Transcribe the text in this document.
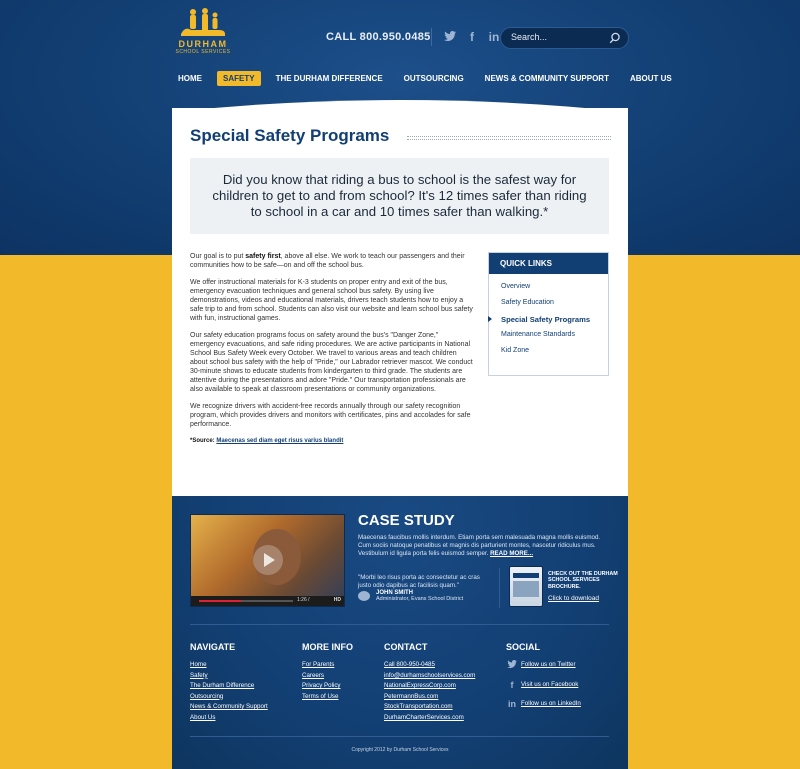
DURHAM
SCHOOL SERVICES
CALL 800.950.0485	f	in
Search...
HOME	SAFETY	THE DURHAM DIFFERENCE	OUTSOURCING	NEWS & COMMUNITY SUPPORT	ABOUT US
Special Safety Programs
Did you know that riding a bus to school is the safest way for children to get to and from school? It's 12 times safer than riding to school in a car and 10 times safer than walking.*

Our goal is to put safety first, above all else. We work to teach our passengers and their communities how to be safe—on and off the school bus.

We offer instructional materials for K-3 students on proper entry and exit of the bus, emergency evacuation techniques and general school bus safety. By using live demonstrations, videos and educational materials, drivers teach students how to enjoy a safe trip to and from school. Students can also visit our website and learn school bus safety with fun, instructional games.

Our safety education programs focus on safety around the bus's "Danger Zone," emergency evacuations, and safe riding procedures. We are active participants in National School Bus Safety Week every October. We travel to various areas and teach children about school bus safety with the help of "Pride," our Labrador retriever mascot. We conduct 30-minute shows to educate students from kindergarten to third grade. The students are attentive during the presentations and adore "Pride." Our transportation professionals are also available to speak at classroom presentations or community organizations.

We recognize drivers with accident-free records annually through our safety recognition program, which provides drivers and monitors with certificates, pins and accolades for safe performance.

*Source: Maecenas sed diam eget risus varius blandit
QUICK LINKS
Overview
Safety Education
Special Safety Programs
Maintenance Standards
Kid Zone
1:26 /	HD
CASE STUDY
Maecenas faucibus mollis interdum. Etiam porta sem malesuada magna mollis euismod. Cum sociis natoque penatibus et magnis dis parturient montes, nascetur ridiculus mus. Vestibulum id ligula porta felis euismod semper. READ MORE...
"Morbi leo risus porta ac consectetur ac cras justo odio dapibus ac facilisis quam."
JOHN SMITH
Administrator, Evans School District
CHECK OUT THE DURHAM SCHOOL SERVICES BROCHURE.
Click to download
NAVIGATE
Home
Safety
The Durham Difference
Outsourcing
News & Community Support
About Us
MORE INFO
For Parents
Careers
Privacy Policy
Terms of Use
CONTACT
Call 800-950-0485
info@durhamschoolservices.com
NationalExpressCorp.com
PetermannBus.com
StockTransportation.com
DurhamCharterServices.com
SOCIAL
Follow us on Twitter
f	Visit us on Facebook
in Follow us on LinkedIn
Copyright 2012 by Durham School Services
